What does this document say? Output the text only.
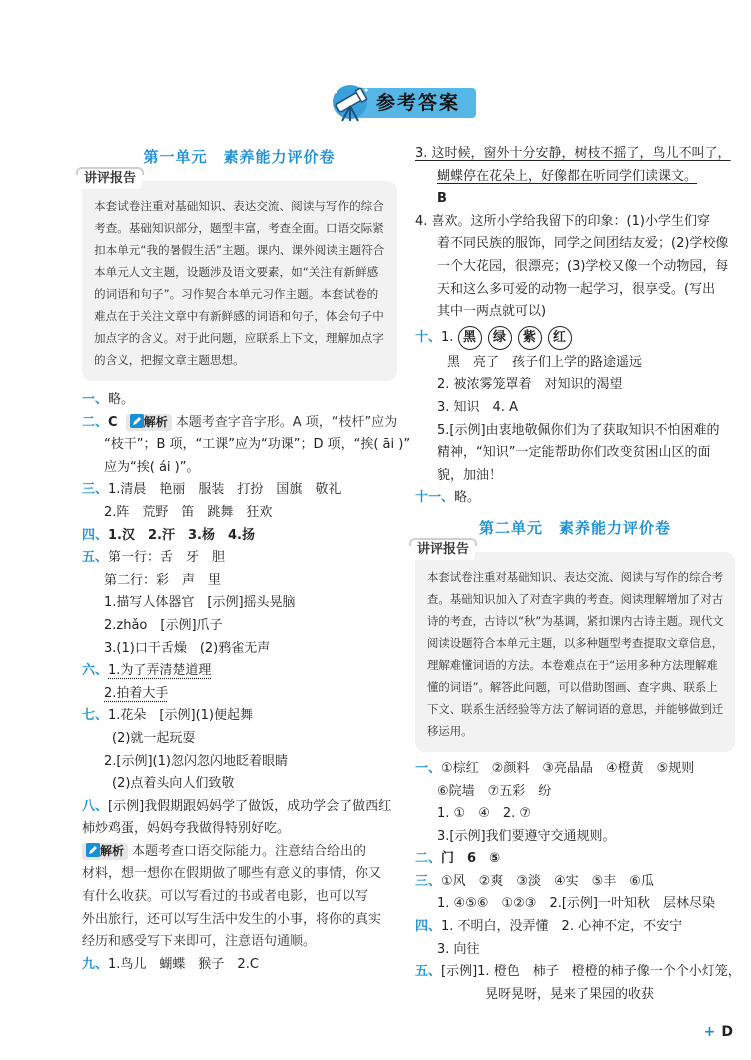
参考答案
第一单元　素养能力评价卷
讲评报告
本套试卷注重对基础知识、表达交流、阅读与写作的综合考查。基础知识部分，题型丰富，考查全面。口语交际紧扣本单元“我的暑假生活”主题。课内、课外阅读主题符合本单元人文主题，设题涉及语文要素，如“关注有新鲜感的词语和句子”。习作契合本单元习作主题。本套试卷的难点在于关注文章中有新鲜感的词语和句子，体会句子中加点字的含义。对于此问题，应联系上下文，理解加点字的含义，把握文章主题思想。
一、略。
二、C 解析 本题考查字音字形。A 项，“枝杆”应为
“枝干”；B 项，“工课”应为“功课”；D 项，“挨( āi )”
应为“挨( ái )”。
三、1.清晨　艳丽　服装　打扮　国旗　敬礼
2.阵　荒野　笛　跳舞　狂欢
四、1.汉　2.汗　3.杨　4.扬
五、第一行：舌　牙　胆
第二行：彩　声　里
1.描写人体器官　[示例]摇头晃脑
2.zhǎo　[示例]爪子
3.(1)口干舌燥　(2)鸦雀无声
六、1.为了弄清楚道理
2.拍着大手
七、1.花朵　[示例](1)便起舞
(2)就一起玩耍
2.[示例](1)忽闪忽闪地眨着眼睛
(2)点着头向人们致敬
八、[示例]我假期跟妈妈学了做饭，成功学会了做西红
柿炒鸡蛋，妈妈夸我做得特别好吃。
解析 本题考查口语交际能力。注意结合给出的
材料，想一想你在假期做了哪些有意义的事情，你又
有什么收获。可以写看过的书或者电影，也可以写
外出旅行，还可以写生活中发生的小事，将你的真实
经历和感受写下来即可，注意语句通顺。
九、1.鸟儿　蝴蝶　猴子　2.C
3. 这时候，窗外十分安静，树枝不摇了，鸟儿不叫了，
蝴蝶停在花朵上，好像都在听同学们读课文。
B
4. 喜欢。这所小学给我留下的印象：(1)小学生们穿
着不同民族的服饰，同学之间团结友爱；(2)学校像
一个大花园，很漂亮；(3)学校又像一个动物园，每
天和这么多可爱的动物一起学习，很享受。(写出
其中一两点就可以)
十、1. 黑 绿 紫 红
黑　亮了　孩子们上学的路途遥远
2. 被浓雾笼罩着　对知识的渴望
3. 知识　4. A
5.[示例]由衷地敬佩你们为了获取知识不怕困难的
精神，“知识”一定能帮助你们改变贫困山区的面
貌，加油！
十一、略。
第二单元　素养能力评价卷
讲评报告
本套试卷注重对基础知识、表达交流、阅读与写作的综合考查。基础知识加入了对查字典的考查。阅读理解增加了对古诗的考查，古诗以“秋”为基调，紧扣课内古诗主题。现代文阅读设题符合本单元主题，以多种题型考查提取文章信息，理解难懂词语的方法。本卷难点在于“运用多种方法理解难懂的词语”。解答此问题，可以借助图画、查字典、联系上下文、联系生活经验等方法了解词语的意思，并能够做到迁移运用。
一、①棕红　②颜料　③亮晶晶　④橙黄　⑤规则
⑥院墙　⑦五彩　纷
1. ①　④　2. ⑦
3.[示例]我们要遵守交通规则。
二、门　6　⑤
三、①风　②爽　③淡　④实　⑤丰　⑥瓜
1. ④⑤⑥　①②③　2.[示例]一叶知秋　层林尽染
四、1. 不明白，没弄懂　2. 心神不定，不安宁
3. 向往
五、[示例]1. 橙色　柿子　橙橙的柿子像一个个小灯笼，
晃呀晃呀，晃来了果园的收获
+ D
